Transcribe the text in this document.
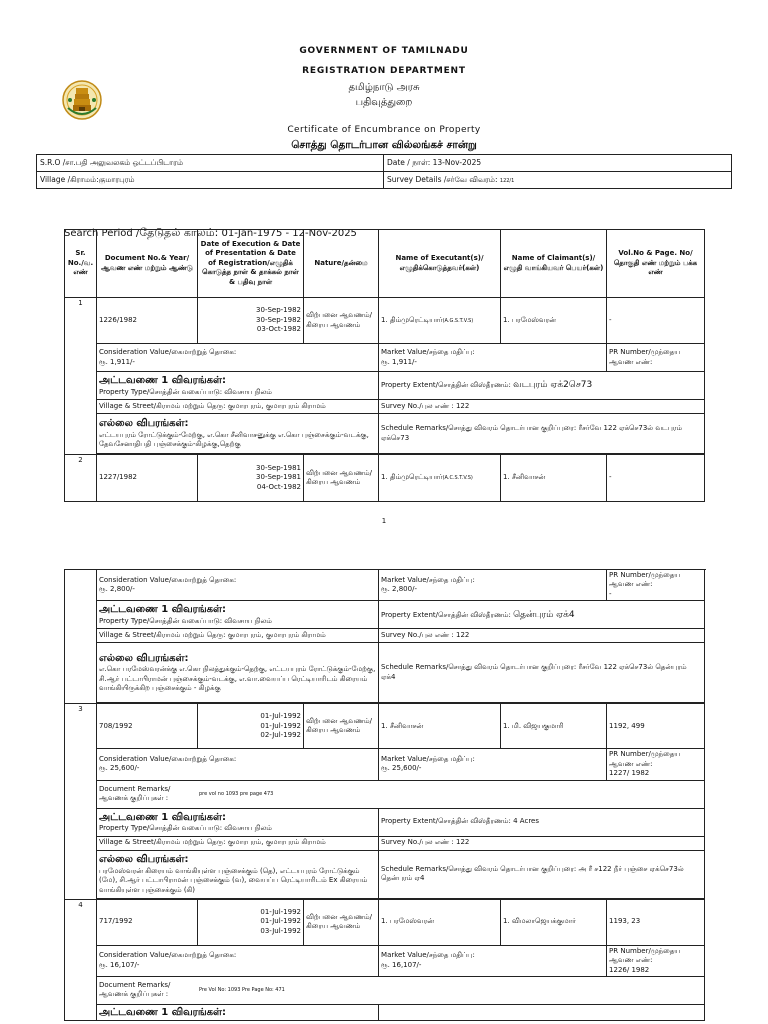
GOVERNMENT OF TAMILNADU
REGISTRATION DEPARTMENT
தமிழ்நாடு அரசு
பதிவுத்துறை
Certificate of Encumbrance on Property
சொத்து தொடர்பான வில்லங்கச் சான்று
S.R.O /சா.பதி அலுவலகம் ஒட்டப்பிடாரம்	Date / நாள்: 13-Nov-2025
Village /கிராமம்:குமாரபுரம்	Survey Details /சர்வே விவரம்: 122/1
Search Period /தேடுதல் காலம்: 01-Jan-1975 - 12-Nov-2025
Sr. No./வ. எண்	Document No.& Year/ ஆவண எண் மற்றும் ஆண்டு	Date of Execution & Date of Presentation & Date of Registration/எழுதிக் கொடுத்த நாள் & தாக்கல் நாள் & பதிவு நாள்	Nature/தன்மை	Name of Executant(s)/ எழுதிக்கொடுத்தவர்(கள்)	Name of Claimant(s)/ எழுதி வாங்கியவர் பெயர்(கள்)	Vol.No & Page. No/ தொகுதி எண் மற்றும் பக்க எண்
1	1226/1982	30-Sep-1982
30-Sep-1982
03-Oct-1982	விற்பனை ஆவணம்/ கிரைய ஆவணம்	1. திம்முரெட்டியார்(A.G.S.T.V.S)	1. பரமேஸ்வரன்	-

	Consideration Value/கைமாற்றுத் தொகை:
ரூ. 1,911/-			Market Value/சந்தை மதிப்பு:
ரூ. 1,911/-		PR Number/முந்தைய ஆவண எண்:

	அட்டவணை 1 விவரங்கள்:
Property Type/சொத்தின் வகைப்பாடு: விவசாய நிலம்			Property Extent/சொத்தின் விஸ்தீரணம்: வடபுரம் ஏக்2செ73		
	Village & Street/கிராமம் மற்றும் தெரு: குமாரபுரம், குமாரபுரம் கிராமம்			Survey No./புல எண் : 122		

	எல்லை விபரங்கள்:
எட்டயபுரம் ரோட்டுக்கும்-மேற்கு, எ.கொ சீனிவாசனுக்கு எ.கொ புஞ்சைக்கும்-வடக்கு, தேவசேனாதிபதி புஞ்சைக்கும்-கிழக்கு,தெற்கு			Schedule Remarks/சொத்து விவரம் தொடர்பான குறிப்புரை: ரீசர்வே 122 ஏக்செ73ல் வடபுரம் ஏக்செ73		

2	1227/1982	30-Sep-1981
30-Sep-1981
04-Oct-1982	விற்பனை ஆவணம்/ கிரைய ஆவணம்	1. திம்முரெட்டியார்(A.C.S.T.V.S)	1. சீனிவாசன்	-
1

Consideration Value/கைமாற்றுத் தொகை:
ரூ. 2,800/-

Market Value/சந்தை மதிப்பு:
ரூ. 2,800/-

PR Number/முந்தைய ஆவண எண்:
-

அட்டவணை 1 விவரங்கள்:
Property Type/சொத்தின் வகைப்பாடு: விவசாய நிலம்
	Property Extent/சொத்தின் விஸ்தீரணம்: தென்புரம் ஏக்4
Village & Street/கிராமம் மற்றும் தெரு: குமாரபுரம், குமாரபுரம் கிராமம்	Survey No./புல எண் : 122

எல்லை விபரங்கள்:
எ.கொ பரமேஸ்வரன்க்கு எ.கொ நிலத்துக்கும்-தெற்கு, எட்டயபுரம் ரோட்டுக்கும்-மேற்கு, சி.ஆர் பட்டாபிராமன் புஞ்சைக்கும்-வடக்கு, எ.வா.வையப்ப ரெட்டியாரிடம் கிரையம் வாங்கியிருக்கிற புஞ்சைக்கும் - கிழக்கு
	Schedule Remarks/சொத்து விவரம் தொடர்பான குறிப்புரை: ரீசர்வே 122 ஏக்செ73ல் தென்புரம் ஏக்4

3	708/1992	
01-Jul-1992
01-Jul-1992
02-Jul-1992
	விற்பனை ஆவணம்/ கிரைய ஆவணம்	1. சீனிவாசன்	1. மி. விஜயகுமாரி	1192, 499

Consideration Value/கைமாற்றுத் தொகை:
ரூ. 25,600/-

Market Value/சந்தை மதிப்பு:
ரூ. 25,600/-

PR Number/முந்தைய ஆவண எண்:
1227/ 1982

Document Remarks/
ஆவணக் குறிப்புகள் :
	pre vol no 1093 pre page 473

அட்டவணை 1 விவரங்கள்:
Property Type/சொத்தின் வகைப்பாடு: விவசாய நிலம்
	Property Extent/சொத்தின் விஸ்தீரணம்: 4 Acres
Village & Street/கிராமம் மற்றும் தெரு: குமாரபுரம், குமாரபுரம் கிராமம்	Survey No./புல எண் : 122

எல்லை விபரங்கள்:
பரமேஸ்வரன் கிரையம் வாங்கியுள்ள புஞ்சைக்கும் (தெ), எட்டயபுரம் ரோட்டுக்கும் (மே), சி.ஆர் பட்டாபிராமன் புஞ்சைக்கும் (வ), வையப்ப ரெட்டியாரிடம் Ex கிரையம் வாங்கியுள்ள புஞ்சைக்கும் (கி)
	Schedule Remarks/சொத்து விவரம் தொடர்பான குறிப்புரை: அ ரீ ச122 நீர் புஞ்சை ஏக்செ73ல் தென்புரம் ஏ4

4	717/1992	
01-Jul-1992
01-Jul-1992
03-Jul-1992
	விற்பனை ஆவணம்/ கிரைய ஆவணம்	1. பரமேஸ்வரன்	1. விமலாஜெயக்குமார்	1193, 23

Consideration Value/கைமாற்றுத் தொகை:
ரூ. 16,107/-

Market Value/சந்தை மதிப்பு:
ரூ. 16,107/-

PR Number/முந்தைய ஆவண எண்:
1226/ 1982

Document Remarks/
ஆவணக் குறிப்புகள் :
	Pre Vol No: 1093 Pre Page No: 471

அட்டவணை 1 விவரங்கள்:
